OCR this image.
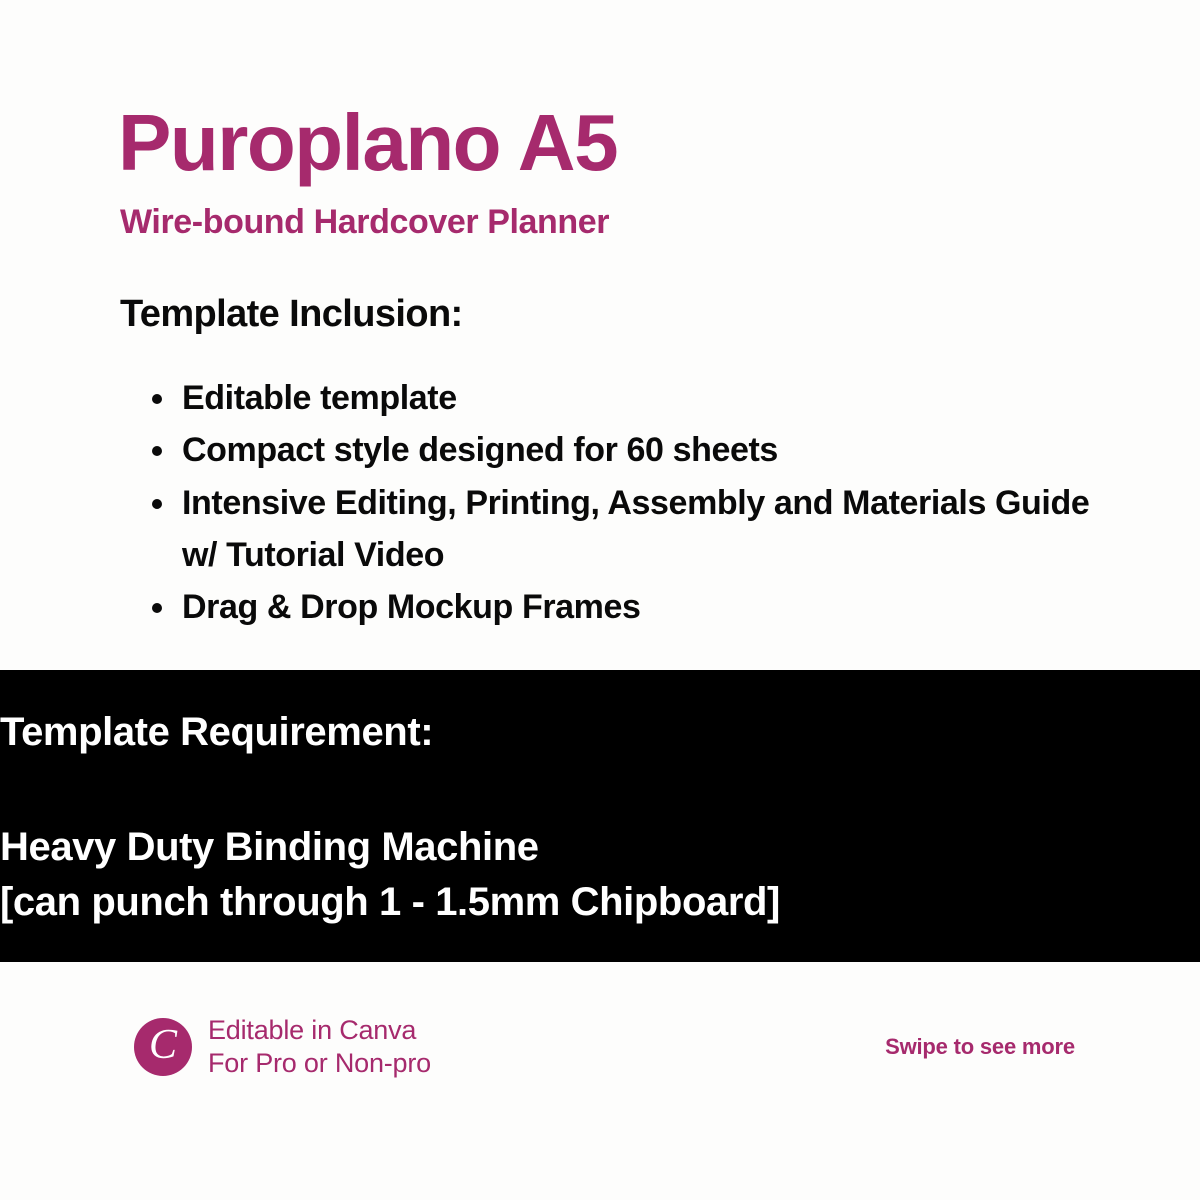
Puroplano A5
Wire-bound Hardcover Planner
Template Inclusion:
Editable template
Compact style designed for 60 sheets
Intensive Editing, Printing, Assembly and Materials Guide w/ Tutorial Video
Drag & Drop Mockup Frames
Template Requirement:
Heavy Duty Binding Machine
[can punch through 1 - 1.5mm Chipboard]
C Editable in Canva
For Pro or Non-pro
Swipe to see more
